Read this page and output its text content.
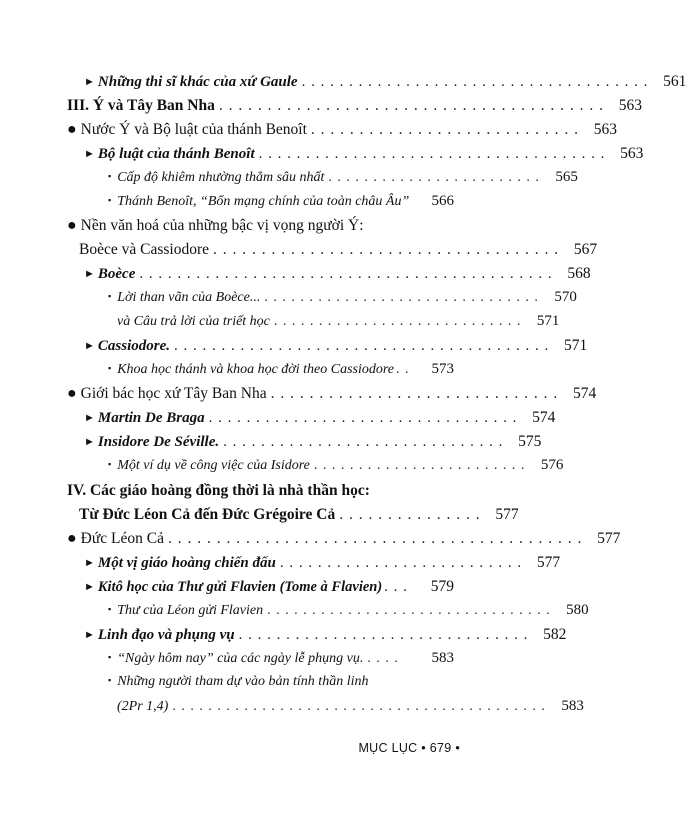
► Những thi sĩ khác của xứ Gaule . . . . . . . . . . . . . . . . . . . . . . . . . . . . . . . . . . . . . 561
III. Ý và Tây Ban Nha . . . . . . . . . . . . . . . . . . . . . . . . . . . . . . . . . . . . . . . . 563
● Nước Ý và Bộ luật của thánh Benoît . . . . . . . . . . . . . . . . . . . . . . . . . . . . 563
► Bộ luật của thánh Benoît . . . . . . . . . . . . . . . . . . . . . . . . . . . . . . . . . . . . . 563
▪ Cấp độ khiêm nhường thẳm sâu nhất . . . . . . . . . . . . . . . . . . . . . . . .	565
▪ Thánh Benoît, “Bổn mạng chính của toàn châu Âu”	566
● Nền văn hoá của những bậc vị vọng người Ý:
Boèce và Cassiodore . . . . . . . . . . . . . . . . . . . . . . . . . . . . . . . . . . . . 567
► Boèce . . . . . . . . . . . . . . . . . . . . . . . . . . . . . . . . . . . . . . . . . . . . 568
▪ Lời than vãn của Boèce... . . . . . . . . . . . . . . . . . . . . . . . . . . . . . . .	570
và Câu trả lời của triết học . . . . . . . . . . . . . . . . . . . . . . . . . . . .	571
► Cassiodore. . . . . . . . . . . . . . . . . . . . . . . . . . . . . . . . . . . . . . . . . 571
▪ Khoa học thánh và khoa học đời theo Cassiodore . .	573
● Giới bác học xứ Tây Ban Nha . . . . . . . . . . . . . . . . . . . . . . . . . . . . . . 574
► Martin De Braga . . . . . . . . . . . . . . . . . . . . . . . . . . . . . . . . . 574
► Insidore De Séville. . . . . . . . . . . . . . . . . . . . . . . . . . . . . . . 575
▪ Một ví dụ về công việc của Isidore . . . . . . . . . . . . . . . . . . . . . . . .	576
IV. Các giáo hoàng đồng thời là nhà thần học:
Từ Đức Léon Cả đến Đức Grégoire Cả . . . . . . . . . . . . . . . 577
● Đức Léon Cả . . . . . . . . . . . . . . . . . . . . . . . . . . . . . . . . . . . . . . . . . . . 577
► Một vị giáo hoàng chiến đấu . . . . . . . . . . . . . . . . . . . . . . . . . . 577
► Kitô học của Thư gửi Flavien (Tome à Flavien) . . .	579
▪ Thư của Léon gửi Flavien . . . . . . . . . . . . . . . . . . . . . . . . . . . . . . . .	580
► Linh đạo và phụng vụ . . . . . . . . . . . . . . . . . . . . . . . . . . . . . . . 582
▪ “Ngày hôm nay” của các ngày lễ phụng vụ. . . . .	583
▪ Những người tham dự vào bản tính thần linh
(2Pr 1,4) . . . . . . . . . . . . . . . . . . . . . . . . . . . . . . . . . . . . . . . . . .	583
MỤC LỤC • 679 •
